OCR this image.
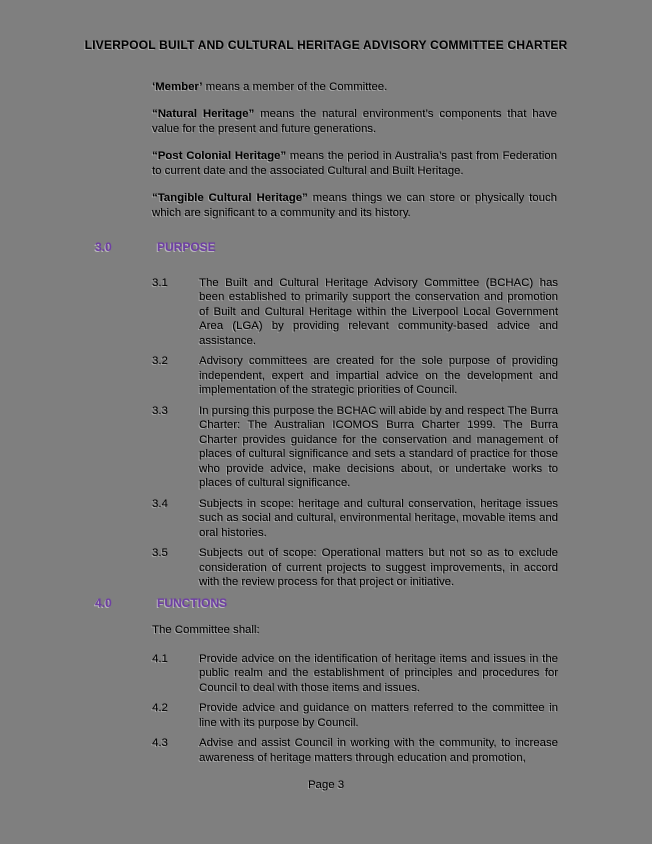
LIVERPOOL BUILT AND CULTURAL HERITAGE ADVISORY COMMITTEE CHARTER

‘Member’ means a member of the Committee.

“Natural Heritage” means the natural environment’s components that have value for the present and future generations.

“Post Colonial Heritage” means the period in Australia’s past from Federation to current date and the associated Cultural and Built Heritage.

“Tangible Cultural Heritage” means things we can store or physically touch which are significant to a community and its history.

3.0	PURPOSE
3.1	The Built and Cultural Heritage Advisory Committee (BCHAC) has been established to primarily support the conservation and promotion of Built and Cultural Heritage within the Liverpool Local Government Area (LGA) by providing relevant community-based advice and assistance.
3.2	Advisory committees are created for the sole purpose of providing independent, expert and impartial advice on the development and implementation of the strategic priorities of Council.
3.3	In pursing this purpose the BCHAC will abide by and respect The Burra Charter: The Australian ICOMOS Burra Charter 1999. The Burra Charter provides guidance for the conservation and management of places of cultural significance and sets a standard of practice for those who provide advice, make decisions about, or undertake works to places of cultural significance.
3.4	Subjects in scope: heritage and cultural conservation, heritage issues such as social and cultural, environmental heritage, movable items and oral histories.
3.5	Subjects out of scope: Operational matters but not so as to exclude consideration of current projects to suggest improvements, in accord with the review process for that project or initiative.
4.0	FUNCTIONS

The Committee shall:

4.1	Provide advice on the identification of heritage items and issues in the public realm and the establishment of principles and procedures for Council to deal with those items and issues.
4.2	Provide advice and guidance on matters referred to the committee in line with its purpose by Council.
4.3	Advise and assist Council in working with the community, to increase awareness of heritage matters through education and promotion,
Page 3
